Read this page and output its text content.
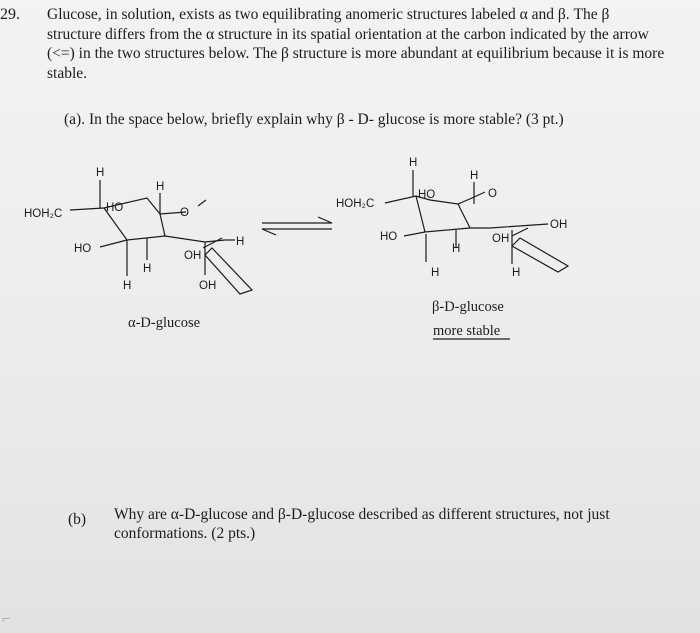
29. Glucose, in solution, exists as two equilibrating anomeric structures labeled α and β. The β structure differs from the α structure in its spatial orientation at the carbon indicated by the arrow (<=) in the two structures below. The β structure is more abundant at equilibrium because it is more stable.
(a). In the space below, briefly explain why β - D- glucose is more stable? (3 pt.)
H
H
HOH₂C	HO	O
HO
OH
H
H
H	OH
α-D-glucose
H
H
HOH₂C
HO	O
OH
HO	OH
H
H	H
β-D-glucose
more stable
(b) Why are α-D-glucose and β-D-glucose described as different structures, not just conformations. (2 pts.)
⌐
